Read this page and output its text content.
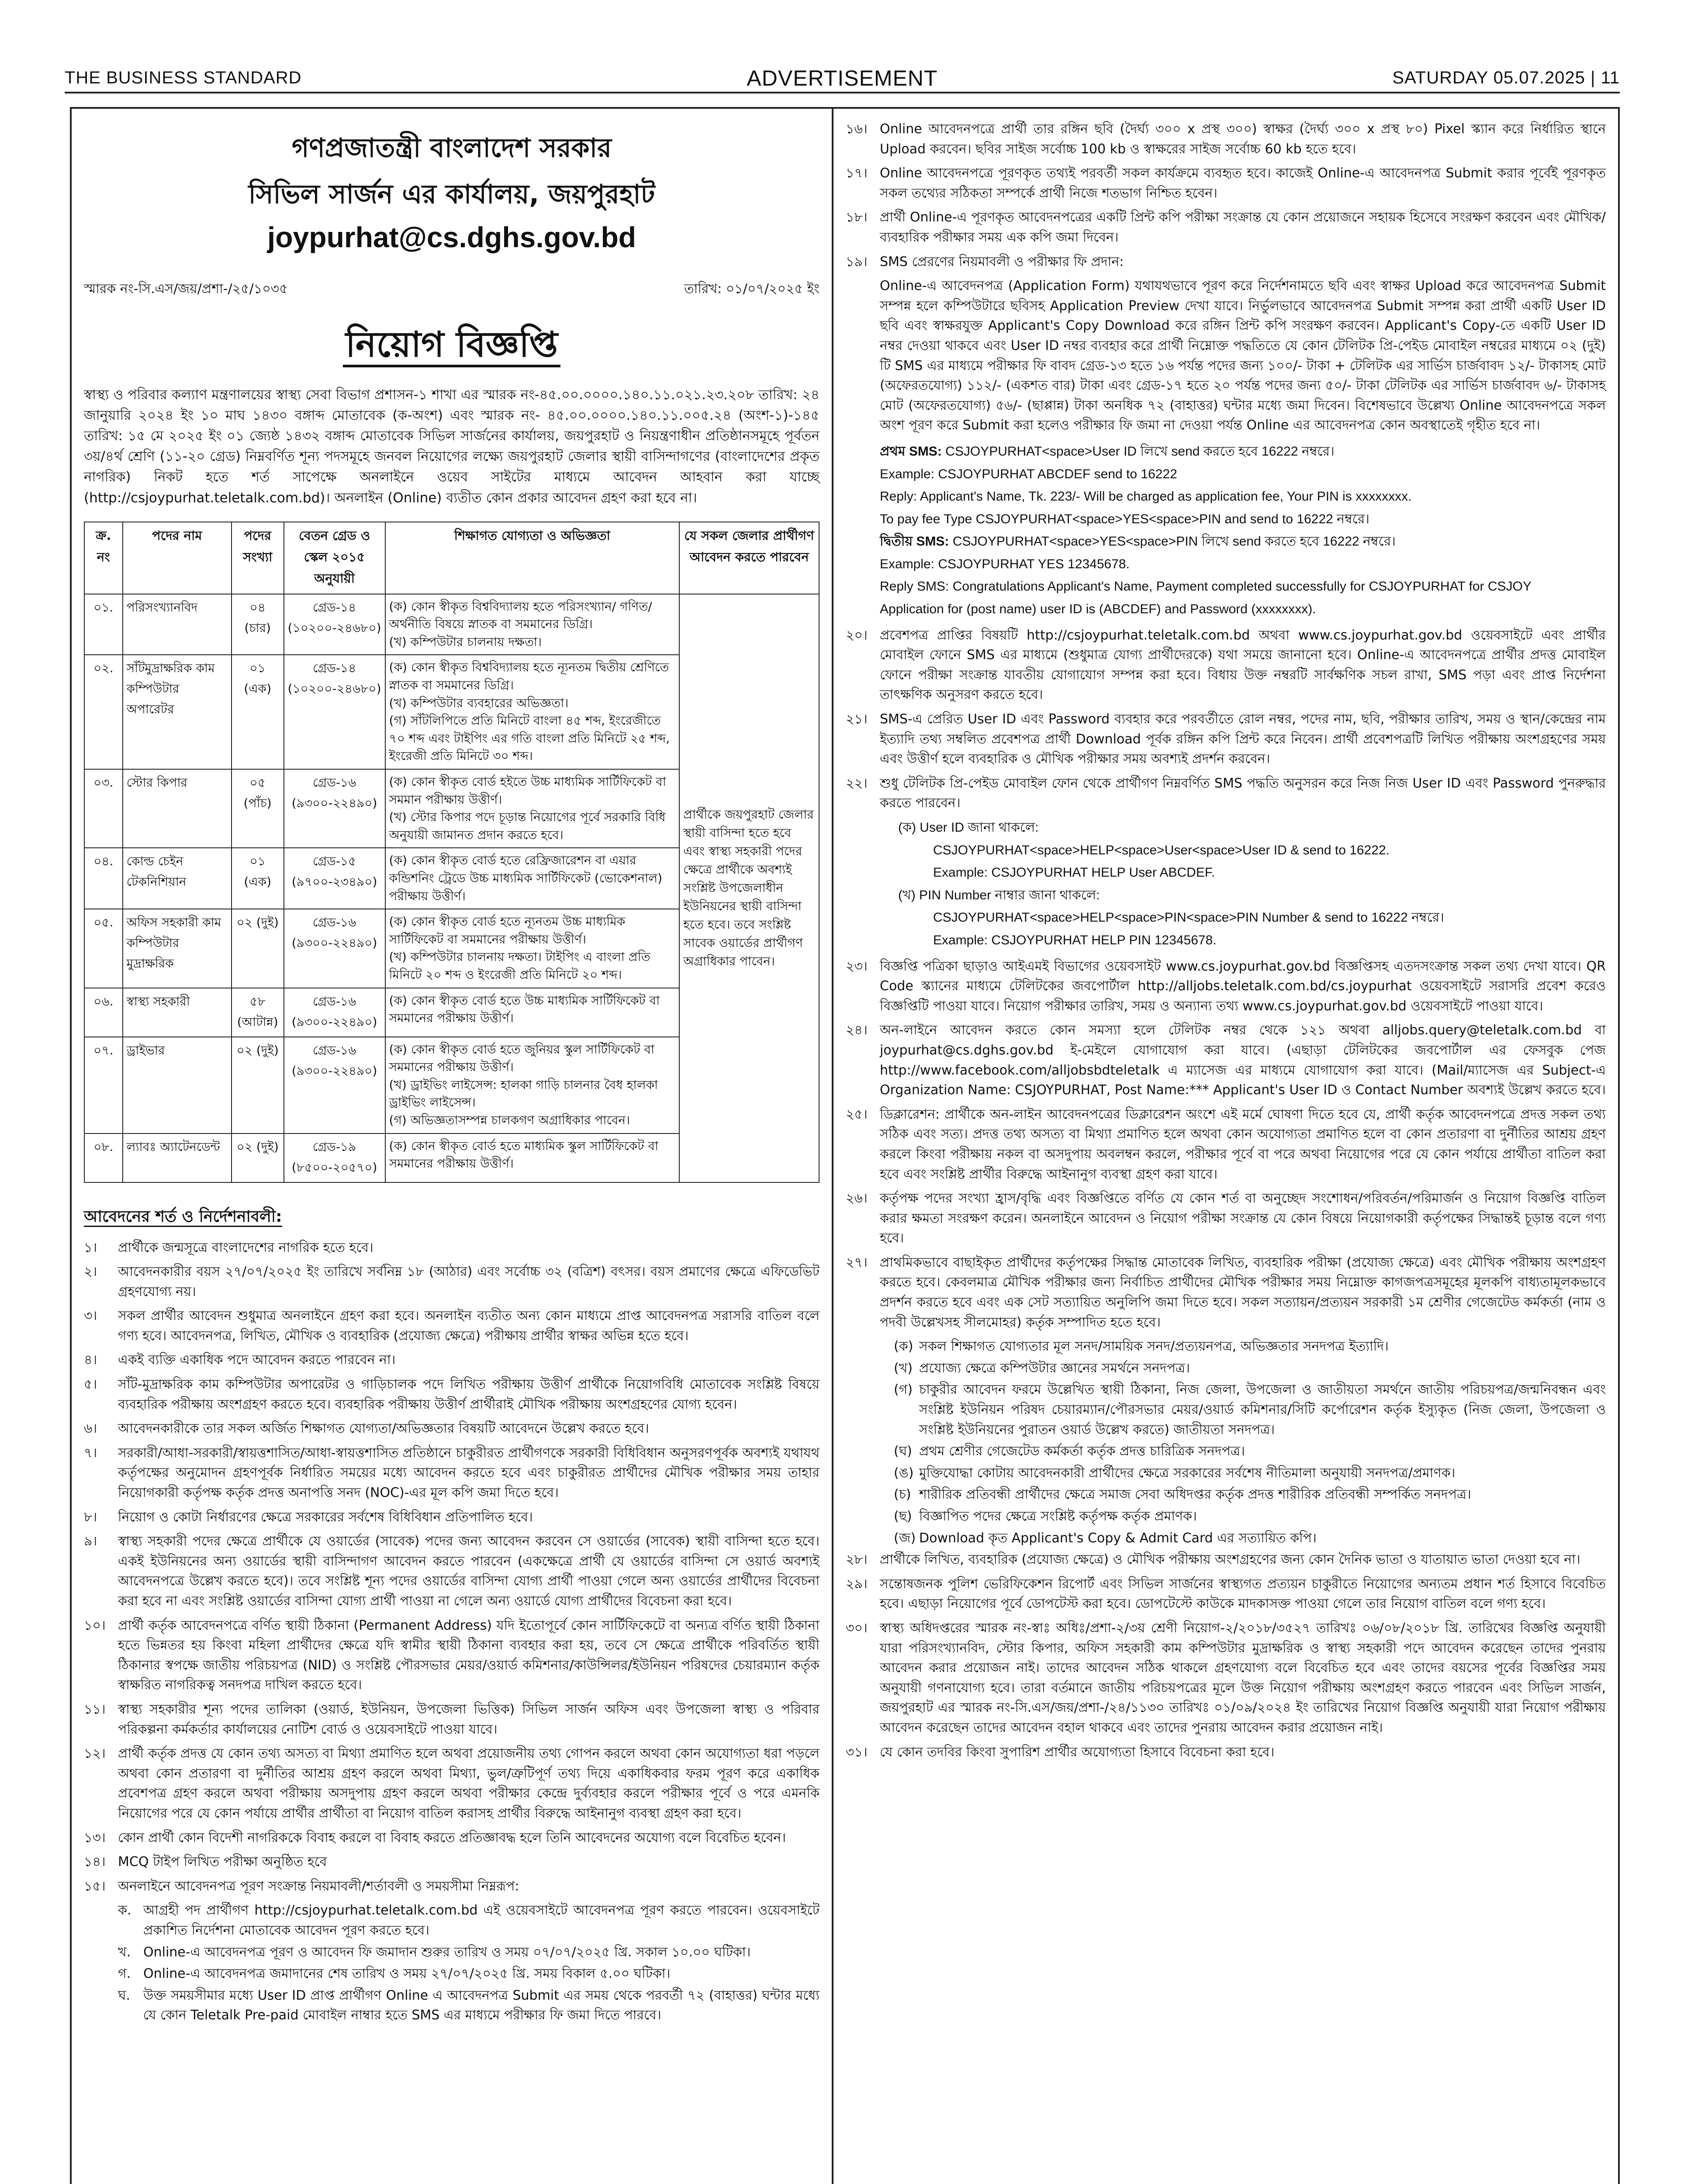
THE BUSINESS STANDARD	ADVERTISEMENT	SATURDAY 05.07.2025 | 11
গণপ্রজাতন্ত্রী বাংলাদেশ সরকার
সিভিল সার্জন এর কার্যালয়, জয়পুরহাট
joypurhat@cs.dghs.gov.bd
স্মারক নং-সি.এস/জয়/প্রশা-/২৫/১০৩৫	তারিখ: ০১/০৭/২০২৫ ইং
নিয়োগ বিজ্ঞপ্তি

স্বাস্থ্য ও পরিবার কল্যাণ মন্ত্রণালয়ের স্বাস্থ্য সেবা বিভাগ প্রশাসন-১ শাখা এর স্মারক নং-৪৫.০০.০০০০.১৪০.১১.০২১.২৩.২০৮ তারিখ: ২৪ জানুয়ারি ২০২৪ ইং ১০ মাঘ ১৪৩০ বঙ্গাব্দ মোতাবেক (ক-অংশ) এবং স্মারক নং- ৪৫.০০.০০০০.১৪০.১১.০০৫.২৪ (অংশ-১)-১৪৫ তারিখ: ১৫ মে ২০২৫ ইং ০১ জ্যেষ্ঠ ১৪৩২ বঙ্গাব্দ মোতাবেক সিভিল সার্জনের কার্যালয়, জয়পুরহাট ও নিয়ন্ত্রণাধীন প্রতিষ্ঠানসমূহে পূর্বতন ৩য়/৪র্থ শ্রেণি (১১-২০ গ্রেড) নিম্নবর্ণিত শূন্য পদসমূহে জনবল নিয়োগের লক্ষ্যে জয়পুরহাট জেলার স্থায়ী বাসিন্দাগণের (বাংলাদেশের প্রকৃত নাগরিক) নিকট হতে শর্ত সাপেক্ষে অনলাইনে ওয়েব সাইটের মাধ্যমে আবেদন আহবান করা যাচ্ছে (http://csjoypurhat.teletalk.com.bd)। অনলাইন (Online) ব্যতীত কোন প্রকার আবেদন গ্রহণ করা হবে না।

ক্র. নং	পদের নাম	পদের সংখ্যা	বেতন গ্রেড ও স্কেল ২০১৫ অনুযায়ী	শিক্ষাগত যোগ্যতা ও অভিজ্ঞতা	যে সকল জেলার প্রার্থীগণ আবেদন করতে পারবেন
০১.	পরিসংখ্যানবিদ	০৪ (চার)	গ্রেড-১৪ (১০২০০-২৪৬৮০)	(ক) কোন স্বীকৃত বিশ্ববিদ্যালয় হতে পরিসংখ্যান/ গণিত/ অর্থনীতি বিষয়ে স্নাতক বা সমমানের ডিগ্রি।
(খ) কম্পিউটার চালনায় দক্ষতা।	প্রার্থীকে জয়পুরহাট জেলার স্থায়ী বাসিন্দা হতে হবে এবং স্বাস্থ্য সহকারী পদের ক্ষেত্রে প্রার্থীকে অবশ্যই সংশ্লিষ্ট উপজেলাধীন ইউনিয়নের স্থায়ী বাসিন্দা হতে হবে। তবে সংশ্লিষ্ট সাবেক ওয়ার্ডের প্রার্থীগণ অগ্রাধিকার পাবেন।
০২.	সাঁটমুদ্রাক্ষরিক কাম কম্পিউটার অপারেটর	০১ (এক)	গ্রেড-১৪ (১০২০০-২৪৬৮০)	(ক) কোন স্বীকৃত বিশ্ববিদ্যালয় হতে ন্যূনতম দ্বিতীয় শ্রেণিতে স্নাতক বা সমমানের ডিগ্রি।
(খ) কম্পিউটার ব্যবহারের অভিজ্ঞতা।
(গ) সাঁটলিপিতে প্রতি মিনিটে বাংলা ৪৫ শব্দ, ইংরেজীতে ৭০ শব্দ এবং টাইপিং এর গতি বাংলা প্রতি মিনিটে ২৫ শব্দ, ইংরেজী প্রতি মিনিটে ৩০ শব্দ।	

০৩.	স্টোর কিপার	০৫ (পাঁচ)	গ্রেড-১৬ (৯৩০০-২২৪৯০)	(ক) কোন স্বীকৃত বোর্ড হইতে উচ্চ মাধ্যমিক সার্টিফিকেট বা সমমান পরীক্ষায় উত্তীর্ণ।
(খ) স্টোর কিপার পদে চূড়ান্ত নিয়োগের পূর্বে সরকারি বিধি অনুযায়ী জামানত প্রদান করতে হবে।	

০৪.	কোল্ড চেইন টেকনিশিয়ান	০১ (এক)	গ্রেড-১৫ (৯৭০০-২৩৪৯০)	(ক) কোন স্বীকৃত বোর্ড হতে রেফ্রিজারেশন বা এয়ার কন্ডিশনিং ট্রেডে উচ্চ মাধ্যমিক সার্টিফিকেট (ভোকেশনাল) পরীক্ষায় উত্তীর্ণ।	

০৫.	অফিস সহকারী কাম কম্পিউটার মুদ্রাক্ষরিক	০২ (দুই)	গ্রেড-১৬ (৯৩০০-২২৪৯০)	(ক) কোন স্বীকৃত বোর্ড হতে ন্যূনতম উচ্চ মাধ্যমিক সার্টিফিকেট বা সমমানের পরীক্ষায় উত্তীর্ণ।
(খ) কম্পিউটার চালনায় দক্ষতা। টাইপিং এ বাংলা প্রতি মিনিটে ২০ শব্দ ও ইংরেজী প্রতি মিনিটে ২০ শব্দ।	

০৬.	স্বাস্থ্য সহকারী	৫৮ (আটান্ন)	গ্রেড-১৬ (৯৩০০-২২৪৯০)	(ক) কোন স্বীকৃত বোর্ড হতে উচ্চ মাধ্যমিক সার্টিফিকেট বা সমমানের পরীক্ষায় উত্তীর্ণ।	

০৭.	ড্রাইভার	০২ (দুই)	গ্রেড-১৬ (৯৩০০-২২৪৯০)	(ক) কোন স্বীকৃত বোর্ড হতে জুনিয়র স্কুল সার্টিফিকেট বা সমমানের পরীক্ষায় উত্তীর্ণ।
(খ) ড্রাইভিং লাইসেন্স: হালকা গাড়ি চালনার বৈধ হালকা ড্রাইভিং লাইসেন্স।
(গ) অভিজ্ঞতাসম্পন্ন চালকগণ অগ্রাধিকার পাবেন।	

০৮.	ল্যাবঃ অ্যাটেনডেন্ট	০২ (দুই)	গ্রেড-১৯ (৮৫০০-২০৫৭০)	(ক) কোন স্বীকৃত বোর্ড হতে মাধ্যমিক স্কুল সার্টিফিকেট বা সমমানের পরীক্ষায় উত্তীর্ণ।	
আবেদনের শর্ত ও নির্দেশনাবলী:
১।	প্রার্থীকে জন্মসূত্রে বাংলাদেশের নাগরিক হতে হবে।
২।	আবেদনকারীর বয়স ২৭/০৭/২০২৫ ইং তারিখে সর্বনিম্ন ১৮ (আঠার) এবং সর্বোচ্চ ৩২ (বত্রিশ) বৎসর। বয়স প্রমাণের ক্ষেত্রে এফিডেভিট গ্রহণযোগ্য নয়।
৩।	সকল প্রার্থীর আবেদন শুধুমাত্র অনলাইনে গ্রহণ করা হবে। অনলাইন ব্যতীত অন্য কোন মাধ্যমে প্রাপ্ত আবেদনপত্র সরাসরি বাতিল বলে গণ্য হবে। আবেদনপত্র, লিখিত, মৌখিক ও ব্যবহারিক (প্রযোজ্য ক্ষেত্রে) পরীক্ষায় প্রার্থীর স্বাক্ষর অভিন্ন হতে হবে।
৪।	একই ব্যক্তি একাধিক পদে আবেদন করতে পারবেন না।
৫।	সাঁট-মুদ্রাক্ষরিক কাম কম্পিউটার অপারেটর ও গাড়িচালক পদে লিখিত পরীক্ষায় উত্তীর্ণ প্রার্থীকে নিয়োগবিধি মোতাবেক সংশ্লিষ্ট বিষয়ে ব্যবহারিক পরীক্ষায় অংশগ্রহণ করতে হবে। ব্যবহারিক পরীক্ষায় উত্তীর্ণ প্রার্থীরাই মৌখিক পরীক্ষায় অংশগ্রহণের যোগ্য হবেন।
৬।	আবেদনকারীকে তার সকল অর্জিত শিক্ষাগত যোগ্যতা/অভিজ্ঞতার বিষয়টি আবেদনে উল্লেখ করতে হবে।
৭।	সরকারী/আধা-সরকারী/স্বায়ত্তশাসিত/আধা-স্বায়ত্তশাসিত প্রতিষ্ঠানে চাকুরীরত প্রার্থীগণকে সরকারী বিধিবিধান অনুসরণপূর্বক অবশ্যই যথাযথ কর্তৃপক্ষের অনুমোদন গ্রহণপূর্বক নির্ধারিত সময়ের মধ্যে আবেদন করতে হবে এবং চাকুরীরত প্রার্থীদের মৌখিক পরীক্ষার সময় তাহার নিয়োগকারী কর্তৃপক্ষ কর্তৃক প্রদত্ত অনাপত্তি সনদ (NOC)-এর মূল কপি জমা দিতে হবে।
৮।	নিয়োগ ও কোটা নির্ধারণের ক্ষেত্রে সরকারের সর্বশেষ বিধিবিধান প্রতিপালিত হবে।
৯।	স্বাস্থ্য সহকারী পদের ক্ষেত্রে প্রার্থীকে যে ওয়ার্ডের (সাবেক) পদের জন্য আবেদন করবেন সে ওয়ার্ডের (সাবেক) স্থায়ী বাসিন্দা হতে হবে। একই ইউনিয়নের অন্য ওয়ার্ডের স্থায়ী বাসিন্দাগণ আবেদন করতে পারবেন (একক্ষেত্রে প্রার্থী যে ওয়ার্ডের বাসিন্দা সে ওয়ার্ড অবশ্যই আবেদনপত্রে উল্লেখ করতে হবে)। তবে সংশ্লিষ্ট শূন্য পদের ওয়ার্ডের বাসিন্দা যোগ্য প্রার্থী পাওয়া গেলে অন্য ওয়ার্ডের প্রার্থীদের বিবেচনা করা হবে না এবং সংশ্লিষ্ট ওয়ার্ডের বাসিন্দা যোগ্য প্রার্থী পাওয়া না গেলে অন্য ওয়ার্ডে যোগ্য প্রার্থীদের বিবেচনা করা হবে।
১০। প্রার্থী কর্তৃক আবেদনপত্রে বর্ণিত স্থায়ী ঠিকানা (Permanent Address) যদি ইতোপূর্বে কোন সার্টিফিকেটে বা অন্যত্র বর্ণিত স্থায়ী ঠিকানা হতে ভিন্নতর হয় কিংবা মহিলা প্রার্থীদের ক্ষেত্রে যদি স্বামীর স্থায়ী ঠিকানা ব্যবহার করা হয়, তবে সে ক্ষেত্রে প্রার্থীকে পরিবর্তিত স্থায়ী ঠিকানার স্বপক্ষে জাতীয় পরিচয়পত্র (NID) ও সংশ্লিষ্ট পৌরসভার মেয়র/ওয়ার্ড কমিশনার/কাউন্সিলর/ইউনিয়ন পরিষদের চেয়ারম্যান কর্তৃক স্বাক্ষরিত নাগরিকত্ব সনদপত্র দাখিল করতে হবে।
১১। স্বাস্থ্য সহকারীর শূন্য পদের তালিকা (ওয়ার্ড, ইউনিয়ন, উপজেলা ভিত্তিক) সিভিল সার্জন অফিস এবং উপজেলা স্বাস্থ্য ও পরিবার পরিকল্পনা কর্মকর্তার কার্যালয়ের নোটিশ বোর্ড ও ওয়েবসাইটে পাওয়া যাবে।
১২। প্রার্থী কর্তৃক প্রদত্ত যে কোন তথ্য অসত্য বা মিথ্যা প্রমাণিত হলে অথবা প্রয়োজনীয় তথ্য গোপন করলে অথবা কোন অযোগ্যতা ধরা পড়লে অথবা কোন প্রতারণা বা দুর্নীতির আশ্রয় গ্রহণ করলে অথবা মিথ্যা, ভুল/ত্রুটিপূর্ণ তথ্য দিয়ে একাধিকবার ফরম পূরণ করে একাধিক প্রবেশপত্র গ্রহণ করলে অথবা পরীক্ষায় অসদুপায় গ্রহণ করলে অথবা পরীক্ষার কেন্দ্রে দুর্ব্যবহার করলে পরীক্ষার পূর্বে ও পরে এমনকি নিয়োগের পরে যে কোন পর্যায়ে প্রার্থীর প্রার্থীতা বা নিয়োগ বাতিল করাসহ প্রার্থীর বিরুদ্ধে আইনানুগ ব্যবস্থা গ্রহণ করা হবে।
১৩। কোন প্রার্থী কোন বিদেশী নাগরিককে বিবাহ করলে বা বিবাহ করতে প্রতিজ্ঞাবদ্ধ হলে তিনি আবেদনের অযোগ্য বলে বিবেচিত হবেন।
১৪। MCQ টাইপ লিখিত পরীক্ষা অনুষ্ঠিত হবে
১৫। অনলাইনে আবেদনপত্র পূরণ সংক্রান্ত নিয়মাবলী/শর্তাবলী ও সময়সীমা নিম্নরূপ:
ক. আগ্রহী পদ প্রার্থীগণ http://csjoypurhat.teletalk.com.bd এই ওয়েবসাইটে আবেদনপত্র পূরণ করতে পারবেন। ওয়েবসাইটে প্রকাশিত নির্দেশনা মোতাবেক আবেদন পূরণ করতে হবে।
খ. Online-এ আবেদনপত্র পূরণ ও আবেদন ফি জমাদান শুরুর তারিখ ও সময় ০৭/০৭/২০২৫ খ্রি. সকাল ১০.০০ ঘটিকা।
গ. Online-এ আবেদনপত্র জমাদানের শেষ তারিখ ও সময় ২৭/০৭/২০২৫ খ্রি. সময় বিকাল ৫.০০ ঘটিকা।
ঘ. উক্ত সময়সীমার মধ্যে User ID প্রাপ্ত প্রার্থীগণ Online এ আবেদনপত্র Submit এর সময় থেকে পরবর্তী ৭২ (বাহাত্তর) ঘন্টার মধ্যে যে কোন Teletalk Pre-paid মোবাইল নাম্বার হতে SMS এর মাধ্যমে পরীক্ষার ফি জমা দিতে পারবে।
১৬। Online আবেদনপত্রে প্রার্থী তার রঙ্গিন ছবি (দৈর্ঘ্য ৩০০ x প্রস্থ ৩০০) স্বাক্ষর (দৈর্ঘ্য ৩০০ x প্রস্থ ৮০) Pixel স্ক্যান করে নির্ধারিত স্থানে Upload করবেন। ছবির সাইজ সর্বোচ্চ 100 kb ও স্বাক্ষরের সাইজ সর্বোচ্চ 60 kb হতে হবে।
১৭। Online আবেদনপত্রে পূরণকৃত তথ্যই পরবর্তী সকল কার্যক্রমে ব্যবহৃত হবে। কাজেই Online-এ আবেদনপত্র Submit করার পূর্বেই পূরণকৃত সকল তথ্যের সঠিকতা সম্পর্কে প্রার্থী নিজে শতভাগ নিশ্চিত হবেন।
১৮। প্রার্থী Online-এ পূরণকৃত আবেদনপত্রের একটি প্রিন্ট কপি পরীক্ষা সংক্রান্ত যে কোন প্রয়োজনে সহায়ক হিসেবে সংরক্ষণ করবেন এবং মৌখিক/ব্যবহারিক পরীক্ষার সময় এক কপি জমা দিবেন।
১৯। SMS প্রেরণের নিয়মাবলী ও পরীক্ষার ফি প্রদান:

Online-এ আবেদনপত্র (Application Form) যথাযথভাবে পূরণ করে নির্দেশনামতে ছবি এবং স্বাক্ষর Upload করে আবেদনপত্র Submit সম্পন্ন হলে কম্পিউটারে ছবিসহ Application Preview দেখা যাবে। নির্ভুলভাবে আবেদনপত্র Submit সম্পন্ন করা প্রার্থী একটি User ID ছবি এবং স্বাক্ষরযুক্ত Applicant's Copy Download করে রঙ্গিন প্রিন্ট কপি সংরক্ষণ করবেন। Applicant's Copy-তে একটি User ID নম্বর দেওয়া থাকবে এবং User ID নম্বর ব্যবহার করে প্রার্থী নিম্নোক্ত পদ্ধতিতে যে কোন টেলিটক প্রি-পেইড মোবাইল নম্বরের মাধ্যমে ০২ (দুই) টি SMS এর মাধ্যমে পরীক্ষার ফি বাবদ গ্রেড-১৩ হতে ১৬ পর্যন্ত পদের জন্য ১০০/- টাকা + টেলিটক এর সার্ভিস চার্জবাবদ ১২/- টাকাসহ মোট (অফেরতযোগ্য) ১১২/- (একশত বার) টাকা এবং গ্রেড-১৭ হতে ২০ পর্যন্ত পদের জন্য ৫০/- টাকা টেলিটক এর সার্ভিস চার্জবাবদ ৬/- টাকাসহ মোট (অফেরতযোগ্য) ৫৬/- (ছাপ্পান্ন) টাকা অনধিক ৭২ (বাহাত্তর) ঘন্টার মধ্যে জমা দিবেন। বিশেষভাবে উল্লেখ্য Online আবেদনপত্রে সকল অংশ পূরণ করে Submit করা হলেও পরীক্ষার ফি জমা না দেওয়া পর্যন্ত Online এর আবেদনপত্র কোন অবস্থাতেই গৃহীত হবে না।

প্রথম SMS: CSJOYPURHAT<space>User ID লিখে send করতে হবে 16222 নম্বরে।
Example: CSJOYPURHAT ABCDEF send to 16222
Reply: Applicant's Name, Tk. 223/- Will be charged as application fee, Your PIN is xxxxxxxx.
To pay fee Type CSJOYPURHAT<space>YES<space>PIN and send to 16222 নম্বরে।
দ্বিতীয় SMS: CSJOYPURHAT<space>YES<space>PIN লিখে send করতে হবে 16222 নম্বরে।
Example: CSJOYPURHAT YES 12345678.
Reply SMS: Congratulations Applicant's Name, Payment completed successfully for CSJOYPURHAT for CSJOY
Application for (post name) user ID is (ABCDEF) and Password (xxxxxxxx).
২০। প্রবেশপত্র প্রাপ্তির বিষয়টি http://csjoypurhat.teletalk.com.bd অথবা www.cs.joypurhat.gov.bd ওয়েবসাইটে এবং প্রার্থীর মোবাইল ফোনে SMS এর মাধ্যমে (শুধুমাত্র যোগ্য প্রার্থীদেরকে) যথা সময়ে জানানো হবে। Online-এ আবেদনপত্রে প্রার্থীর প্রদত্ত মোবাইল ফোনে পরীক্ষা সংক্রান্ত যাবতীয় যোগাযোগ সম্পন্ন করা হবে। বিধায় উক্ত নম্বরটি সার্বক্ষণিক সচল রাখা, SMS পড়া এবং প্রাপ্ত নির্দেশনা তাৎক্ষণিক অনুসরণ করতে হবে।
২১। SMS-এ প্রেরিত User ID এবং Password ব্যবহার করে পরবর্তীতে রোল নম্বর, পদের নাম, ছবি, পরীক্ষার তারিখ, সময় ও স্থান/কেন্দ্রের নাম ইত্যাদি তথ্য সম্বলিত প্রবেশপত্র প্রার্থী Download পূর্বক রঙ্গিন কপি প্রিন্ট করে নিবেন। প্রার্থী প্রবেশপত্রটি লিখিত পরীক্ষায় অংশগ্রহণের সময় এবং উত্তীর্ণ হলে ব্যবহারিক ও মৌখিক পরীক্ষার সময় অবশ্যই প্রদর্শন করবেন।
২২। শুধু টেলিটক প্রি-পেইড মোবাইল ফোন থেকে প্রার্থীগণ নিম্নবর্ণিত SMS পদ্ধতি অনুসরন করে নিজ নিজ User ID এবং Password পুনরুদ্ধার করতে পারবেন।
(ক) User ID জানা থাকলে:
CSJOYPURHAT<space>HELP<space>User<space>User ID & send to 16222.
Example: CSJOYPURHAT HELP User ABCDEF.
(খ) PIN Number নাম্বার জানা থাকলে:
CSJOYPURHAT<space>HELP<space>PIN<space>PIN Number & send to 16222 নম্বরে।
Example: CSJOYPURHAT HELP PIN 12345678.
২৩। বিজ্ঞপ্তি পত্রিকা ছাড়াও আইএমই বিভাগের ওয়েবসাইট www.cs.joypurhat.gov.bd বিজ্ঞপ্তিসহ এতদসংক্রান্ত সকল তথ্য দেখা যাবে। QR Code স্ক্যানের মাধ্যমে টেলিটকের জবপোর্টাল http://alljobs.teletalk.com.bd/cs.joypurhat ওয়েবসাইটে সরাসরি প্রবেশ করেও বিজ্ঞপ্তিটি পাওয়া যাবে। নিয়োগ পরীক্ষার তারিখ, সময় ও অন্যান্য তথ্য www.cs.joypurhat.gov.bd ওয়েবসাইটে পাওয়া যাবে।
২৪। অন-লাইনে আবেদন করতে কোন সমস্যা হলে টেলিটক নম্বর থেকে ১২১ অথবা alljobs.query@teletalk.com.bd বা joypurhat@cs.dghs.gov.bd ই-মেইলে যোগাযোগ করা যাবে। (এছাড়া টেলিটকের জবপোর্টাল এর ফেসবুক পেজ http://www.facebook.com/alljobsbdteletalk এ ম্যাসেজ এর মাধ্যমে যোগাযোগ করা যাবে। (Mail/ম্যাসেজ এর Subject-এ Organization Name: CSJOYPURHAT, Post Name:*** Applicant's User ID ও Contact Number অবশ্যই উল্লেখ করতে হবে।
২৫। ডিক্লারেশন: প্রার্থীকে অন-লাইন আবেদনপত্রের ডিক্লারেশন অংশে এই মর্মে ঘোষণা দিতে হবে যে, প্রার্থী কর্তৃক আবেদনপত্রে প্রদত্ত সকল তথ্য সঠিক এবং সত্য। প্রদত্ত তথ্য অসত্য বা মিথ্যা প্রমাণিত হলে অথবা কোন অযোগ্যতা প্রমাণিত হলে বা কোন প্রতারণা বা দুর্নীতির আশ্রয় গ্রহণ করলে কিংবা পরীক্ষায় নকল বা অসদুপায় অবলম্বন করলে, পরীক্ষার পূর্বে বা পরে অথবা নিয়োগের পরে যে কোন পর্যায়ে প্রার্থীতা বাতিল করা হবে এবং সংশ্লিষ্ট প্রার্থীর বিরুদ্ধে আইনানুগ ব্যবস্থা গ্রহণ করা যাবে।
২৬। কর্তৃপক্ষ পদের সংখ্যা হ্রাস/বৃদ্ধি এবং বিজ্ঞপ্তিতে বর্ণিত যে কোন শর্ত বা অনুচ্ছেদ সংশোধন/পরিবর্তন/পরিমার্জন ও নিয়োগ বিজ্ঞপ্তি বাতিল করার ক্ষমতা সংরক্ষণ করেন। অনলাইনে আবেদন ও নিয়োগ পরীক্ষা সংক্রান্ত যে কোন বিষয়ে নিয়োগকারী কর্তৃপক্ষের সিদ্ধান্তই চূড়ান্ত বলে গণ্য হবে।
২৭। প্রাথমিকভাবে বাছাইকৃত প্রার্থীদের কর্তৃপক্ষের সিদ্ধান্ত মোতাবেক লিখিত, ব্যবহারিক পরীক্ষা (প্রযোজ্য ক্ষেত্রে) এবং মৌখিক পরীক্ষায় অংশগ্রহণ করতে হবে। কেবলমাত্র মৌখিক পরীক্ষার জন্য নির্বাচিত প্রার্থীদের মৌখিক পরীক্ষার সময় নিম্নোক্ত কাগজপত্রসমূহের মূলকপি বাধ্যতামূলকভাবে প্রদর্শন করতে হবে এবং এক সেট সত্যায়িত অনুলিপি জমা দিতে হবে। সকল সত্যায়ন/প্রত্যয়ন সরকারী ১ম শ্রেণীর গেজেটেড কর্মকর্তা (নাম ও পদবী উল্লেখসহ সীলমোহর) কর্তৃক সম্পাদিত হতে হবে।
(ক) সকল শিক্ষাগত যোগ্যতার মূল সনদ/সাময়িক সনদ/প্রত্যয়নপত্র, অভিজ্ঞতার সনদপত্র ইত্যাদি।
(খ) প্রযোজ্য ক্ষেত্রে কম্পিউটার জ্ঞানের সমর্থনে সনদপত্র।
(গ) চাকুরীর আবেদন ফরমে উল্লেখিত স্থায়ী ঠিকানা, নিজ জেলা, উপজেলা ও জাতীয়তা সমর্থনে জাতীয় পরিচয়পত্র/জন্মনিবন্ধন এবং সংশ্লিষ্ট ইউনিয়ন পরিষদ চেয়ারম্যান/পৌরসভার মেয়র/ওয়ার্ড কমিশনার/সিটি কর্পোরেশন কর্তৃক ইস্যুকৃত (নিজ জেলা, উপজেলা ও সংশ্লিষ্ট ইউনিয়নের পুরাতন ওয়ার্ড উল্লেখ করতে) জাতীয়তা সনদপত্র।
(ঘ) প্রথম শ্রেণীর গেজেটেড কর্মকর্তা কর্তৃক প্রদত্ত চারিত্রিক সনদপত্র।
(ঙ) মুক্তিযোদ্ধা কোটায় আবেদনকারী প্রার্থীদের ক্ষেত্রে সরকারের সর্বশেষ নীতিমালা অনুযায়ী সনদপত্র/প্রমাণক।
(চ) শারীরিক প্রতিবন্ধী প্রার্থীদের ক্ষেত্রে সমাজ সেবা অধিদপ্তর কর্তৃক প্রদত্ত শারীরিক প্রতিবন্ধী সম্পর্কিত সনদপত্র।
(ছ) বিজ্ঞাপিত পদের ক্ষেত্রে সংশ্লিষ্ট কর্তৃপক্ষ কর্তৃক প্রমাণক।
(জ) Download কৃত Applicant's Copy & Admit Card এর সত্যায়িত কপি।
২৮। প্রার্থীকে লিখিত, ব্যবহারিক (প্রযোজ্য ক্ষেত্রে) ও মৌখিক পরীক্ষায় অংশগ্রহণের জন্য কোন দৈনিক ভাতা ও যাতায়াত ভাতা দেওয়া হবে না।
২৯। সন্তোষজনক পুলিশ ভেরিফিকেশন রিপোর্ট এবং সিভিল সার্জনের স্বাস্থ্যগত প্রত্যয়ন চাকুরীতে নিয়োগের অন্যতম প্রধান শর্ত হিসাবে বিবেচিত হবে। এছাড়া নিয়োগের পূর্বে ডোপটেস্ট করা হবে। ডোপটেস্টে কাউকে মাদকাসক্ত পাওয়া গেলে তার নিয়োগ বাতিল বলে গণ্য হবে।
৩০। স্বাস্থ্য অধিদপ্তরের স্মারক নং-স্বাঃ অধিঃ/প্রশা-২/৩য় শ্রেণী নিয়োগ-২/২০১৮/৩৫২৭ তারিখঃ ০৬/০৮/২০১৮ খ্রি. তারিখের বিজ্ঞপ্তি অনুযায়ী যারা পরিসংখ্যানবিদ, স্টোর কিপার, অফিস সহকারী কাম কম্পিউটার মুদ্রাক্ষরিক ও স্বাস্থ্য সহকারী পদে আবেদন করেছেন তাদের পুনরায় আবেদন করার প্রয়োজন নাই। তাদের আবেদন সঠিক থাকলে গ্রহণযোগ্য বলে বিবেচিত হবে এবং তাদের বয়সের পূর্বের বিজ্ঞপ্তির সময় অনুযায়ী গণনাযোগ্য হবে। তারা বর্তমানে জাতীয় পরিচয়পত্রের মূলে উক্ত নিয়োগ পরীক্ষায় অংশগ্রহণ করতে পারবেন এবং সিভিল সার্জন, জয়পুরহাট এর স্মারক নং-সি.এস/জয়/প্রশা-/২৪/১১৩০ তারিখঃ ০১/০৯/২০২৪ ইং তারিখের নিয়োগ বিজ্ঞপ্তি অনুযায়ী যারা নিয়োগ পরীক্ষায় আবেদন করেছেন তাদের আবেদন বহাল থাকবে এবং তাদের পুনরায় আবেদন করার প্রয়োজন নাই।
৩১। যে কোন তদবির কিংবা সুপারিশ প্রার্থীর অযোগ্যতা হিসাবে বিবেচনা করা হবে।
